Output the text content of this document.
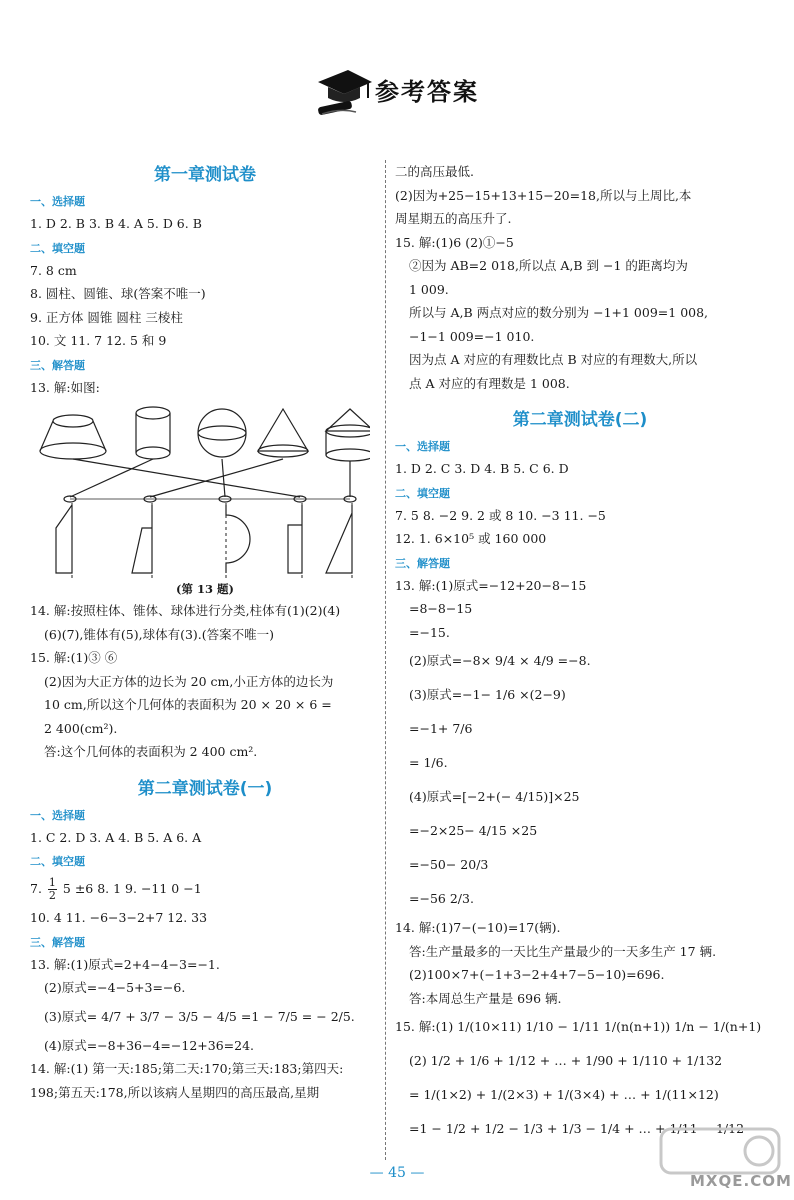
参考答案
第一章测试卷
一、选择题
1. D 2. B 3. B 4. A 5. D 6. B
二、填空题
7. 8 cm
8. 圆柱、圆锥、球(答案不唯一)
9. 正方体 圆锥 圆柱 三棱柱
10. 文 11. 7 12. 5 和 9
三、解答题
13. 解:如图:
(第 13 题)
14. 解:按照柱体、锥体、球体进行分类,柱体有(1)(2)(4)
(6)(7),锥体有(5),球体有(3).(答案不唯一)
15. 解:(1)③ ⑥
(2)因为大正方体的边长为 20 cm,小正方体的边长为
10 cm,所以这个几何体的表面积为 20 × 20 × 6 =
2 400(cm²).
答:这个几何体的表面积为 2 400 cm².
第二章测试卷(一)
一、选择题
1. C 2. D 3. A 4. B 5. A 6. A
二、填空题
7. $\frac{1}{2} 5 \pm 6$ 8. 1 9. −11 0 −1
10. 4 11. −6−3−2+7 12. 33
三、解答题
13. 解:(1)原式=2+4−4−3=−1.
(2)原式=−4−5+3=−6.
(3)原式= 4/7 + 3/7 − 3/5 − 4/5 =1 − 7/5 = − 2/5.
(4)原式=−8+36−4=−12+36=24.
14. 解:(1) 第一天:185;第二天:170;第三天:183;第四天:
198;第五天:178,所以该病人星期四的高压最高,星期
二的高压最低.
(2)因为+25−15+13+15−20=18,所以与上周比,本
周星期五的高压升了.
15. 解:(1)6 (2)①−5
②因为 AB=2 018,所以点 A,B 到 −1 的距离均为
1 009.
所以与 A,B 两点对应的数分别为 −1+1 009=1 008,
−1−1 009=−1 010.
因为点 A 对应的有理数比点 B 对应的有理数大,所以
点 A 对应的有理数是 1 008.
第二章测试卷(二)
一、选择题
1. D 2. C 3. D 4. B 5. C 6. D
二、填空题
7. 5 8. −2 9. 2 或 8 10. −3 11. −5
12. 1. 6×10⁵ 或 160 000
三、解答题
13. 解:(1)原式=−12+20−8−15
=8−8−15
=−15.
(2)原式=−8× 9/4 × 4/9 =−8.
(3)原式=−1− 1/6 ×(2−9)
=−1+ 7/6
= 1/6.
(4)原式=[−2+(− 4/15)]×25
=−2×25− 4/15 ×25
=−50− 20/3
=−56 2/3.
14. 解:(1)7−(−10)=17(辆).
答:生产量最多的一天比生产量最少的一天多生产 17 辆.
(2)100×7+(−1+3−2+4+7−5−10)=696.
答:本周总生产量是 696 辆.
15. 解:(1) 1/(10×11) 1/10 − 1/11 1/(n(n+1)) 1/n − 1/(n+1)
(2) 1/2 + 1/6 + 1/12 + … + 1/90 + 1/110 + 1/132
= 1/(1×2) + 1/(2×3) + 1/(3×4) + … + 1/(11×12)
=1 − 1/2 + 1/2 − 1/3 + 1/3 − 1/4 + … + 1/11 − 1/12
— 45 —	MXQE.COM
